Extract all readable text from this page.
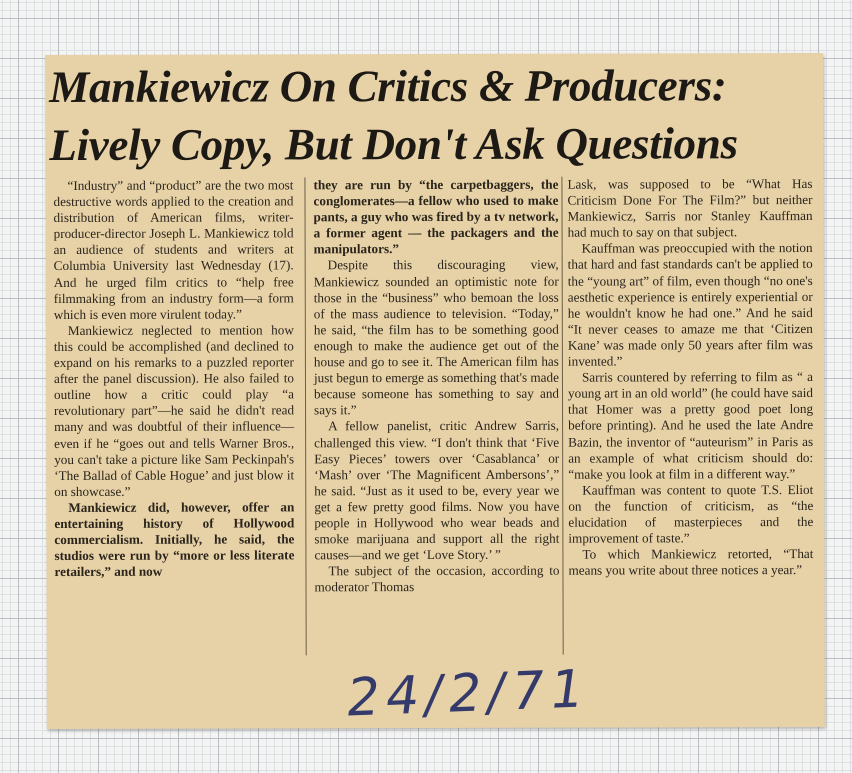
Mankiewicz On Critics & Producers:
Lively Copy, But Don't Ask Questions

“Industry” and “product” are the two most destructive words applied to the creation and distribution of American films, writer-producer-director Joseph L. Mankiewicz told an audience of students and writers at Columbia University last Wednesday (17). And he urged film critics to “help free filmmaking from an industry form—a form which is even more virulent today.”

Mankiewicz neglected to mention how this could be accomplished (and declined to expand on his remarks to a puzzled reporter after the panel discussion). He also failed to outline how a critic could play “a revolutionary part”—he said he didn't read many and was doubtful of their influence—even if he “goes out and tells Warner Bros., you can't take a picture like Sam Peckinpah's ‘The Ballad of Cable Hogue’ and just blow it on showcase.”

Mankiewicz did, however, offer an entertaining history of Hollywood commercialism. Initially, he said, the studios were run by “more or less literate retailers,” and now

they are run by “the carpetbaggers, the conglomerates—a fellow who used to make pants, a guy who was fired by a tv network, a former agent — the packagers and the manipulators.”

Despite this discouraging view, Mankiewicz sounded an optimistic note for those in the “business” who bemoan the loss of the mass audience to television. “Today,” he said, “the film has to be something good enough to make the audience get out of the house and go to see it. The American film has just begun to emerge as something that's made because someone has something to say and says it.”

A fellow panelist, critic Andrew Sarris, challenged this view. “I don't think that ‘Five Easy Pieces’ towers over ‘Casablanca’ or ‘Mash’ over ‘The Magnificent Ambersons’,” he said. “Just as it used to be, every year we get a few pretty good films. Now you have people in Hollywood who wear beads and smoke marijuana and support all the right causes—and we get ‘Love Story.’ ”

The subject of the occasion, according to moderator Thomas

Lask, was supposed to be “What Has Criticism Done For The Film?” but neither Mankiewicz, Sarris nor Stanley Kauffman had much to say on that subject.

Kauffman was preoccupied with the notion that hard and fast standards can't be applied to the “young art” of film, even though “no one's aesthetic experience is entirely experiential or he wouldn't know he had one.” And he said “It never ceases to amaze me that ‘Citizen Kane’ was made only 50 years after film was invented.”

Sarris countered by referring to film as “ a young art in an old world” (he could have said that Homer was a pretty good poet long before printing). And he used the late Andre Bazin, the inventor of “auteurism” in Paris as an example of what criticism should do: “make you look at film in a different way.”

Kauffman was content to quote T.S. Eliot on the function of criticism, as “the elucidation of masterpieces and the improvement of taste.”

To which Mankiewicz retorted, “That means you write about three notices a year.”

24/2/71
